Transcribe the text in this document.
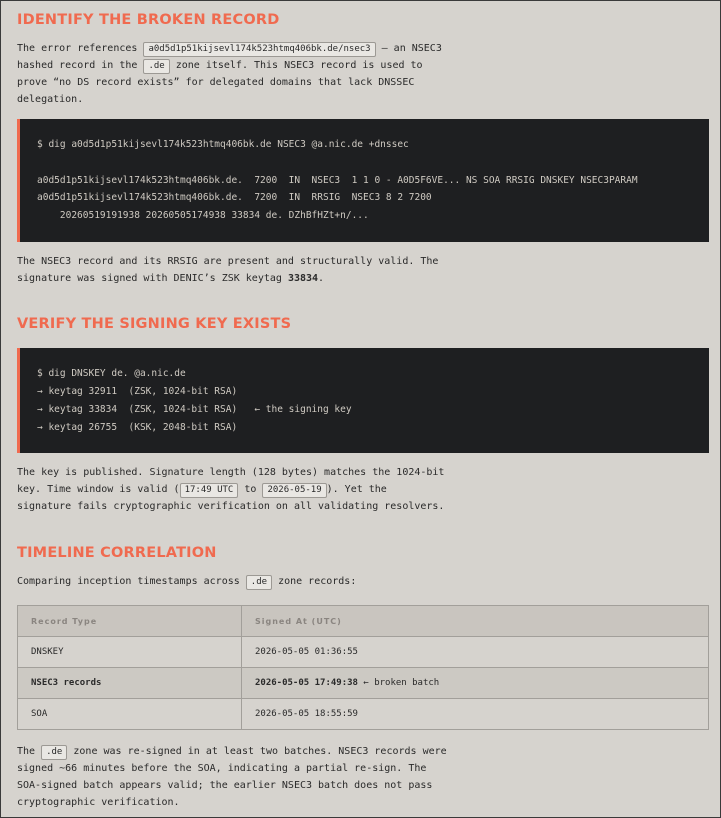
IDENTIFY THE BROKEN RECORD

The error references a0d5d1p51kijsevl174k523htmq406bk.de/nsec3 — an NSEC3
hashed record in the .de zone itself. This NSEC3 record is used to
prove “no DS record exists” for delegated domains that lack DNSSEC
delegation.

$ dig a0d5d1p51kijsevl174k523htmq406bk.de NSEC3 @a.nic.de +dnssec
a0d5d1p51kijsevl174k523htmq406bk.de.  7200  IN  NSEC3  1 1 0 - A0D5F6VE... NS SOA RRSIG DNSKEY NSEC3PARAM
a0d5d1p51kijsevl174k523htmq406bk.de.  7200  IN  RRSIG  NSEC3 8 2 7200
20260519191938 20260505174938 33834 de. DZhBfHZt+n/...

The NSEC3 record and its RRSIG are present and structurally valid. The
signature was signed with DENIC’s ZSK keytag 33834.

VERIFY THE SIGNING KEY EXISTS
$ dig DNSKEY de. @a.nic.de
→ keytag 32911  (ZSK, 1024-bit RSA)
→ keytag 33834  (ZSK, 1024-bit RSA)   ← the signing key
→ keytag 26755  (KSK, 2048-bit RSA)

The key is published. Signature length (128 bytes) matches the 1024-bit
key. Time window is valid ( 17:49 UTC to 2026-05-19 ). Yet the
signature fails cryptographic verification on all validating resolvers.

TIMELINE CORRELATION

Comparing inception timestamps across .de zone records:

Record Type	Signed At (UTC)
DNSKEY	2026-05-05 01:36:55
NSEC3 records	2026-05-05 17:49:38 ← broken batch
SOA	2026-05-05 18:55:59

The .de zone was re-signed in at least two batches. NSEC3 records were
signed ~66 minutes before the SOA, indicating a partial re-sign. The
SOA-signed batch appears valid; the earlier NSEC3 batch does not pass
cryptographic verification.
